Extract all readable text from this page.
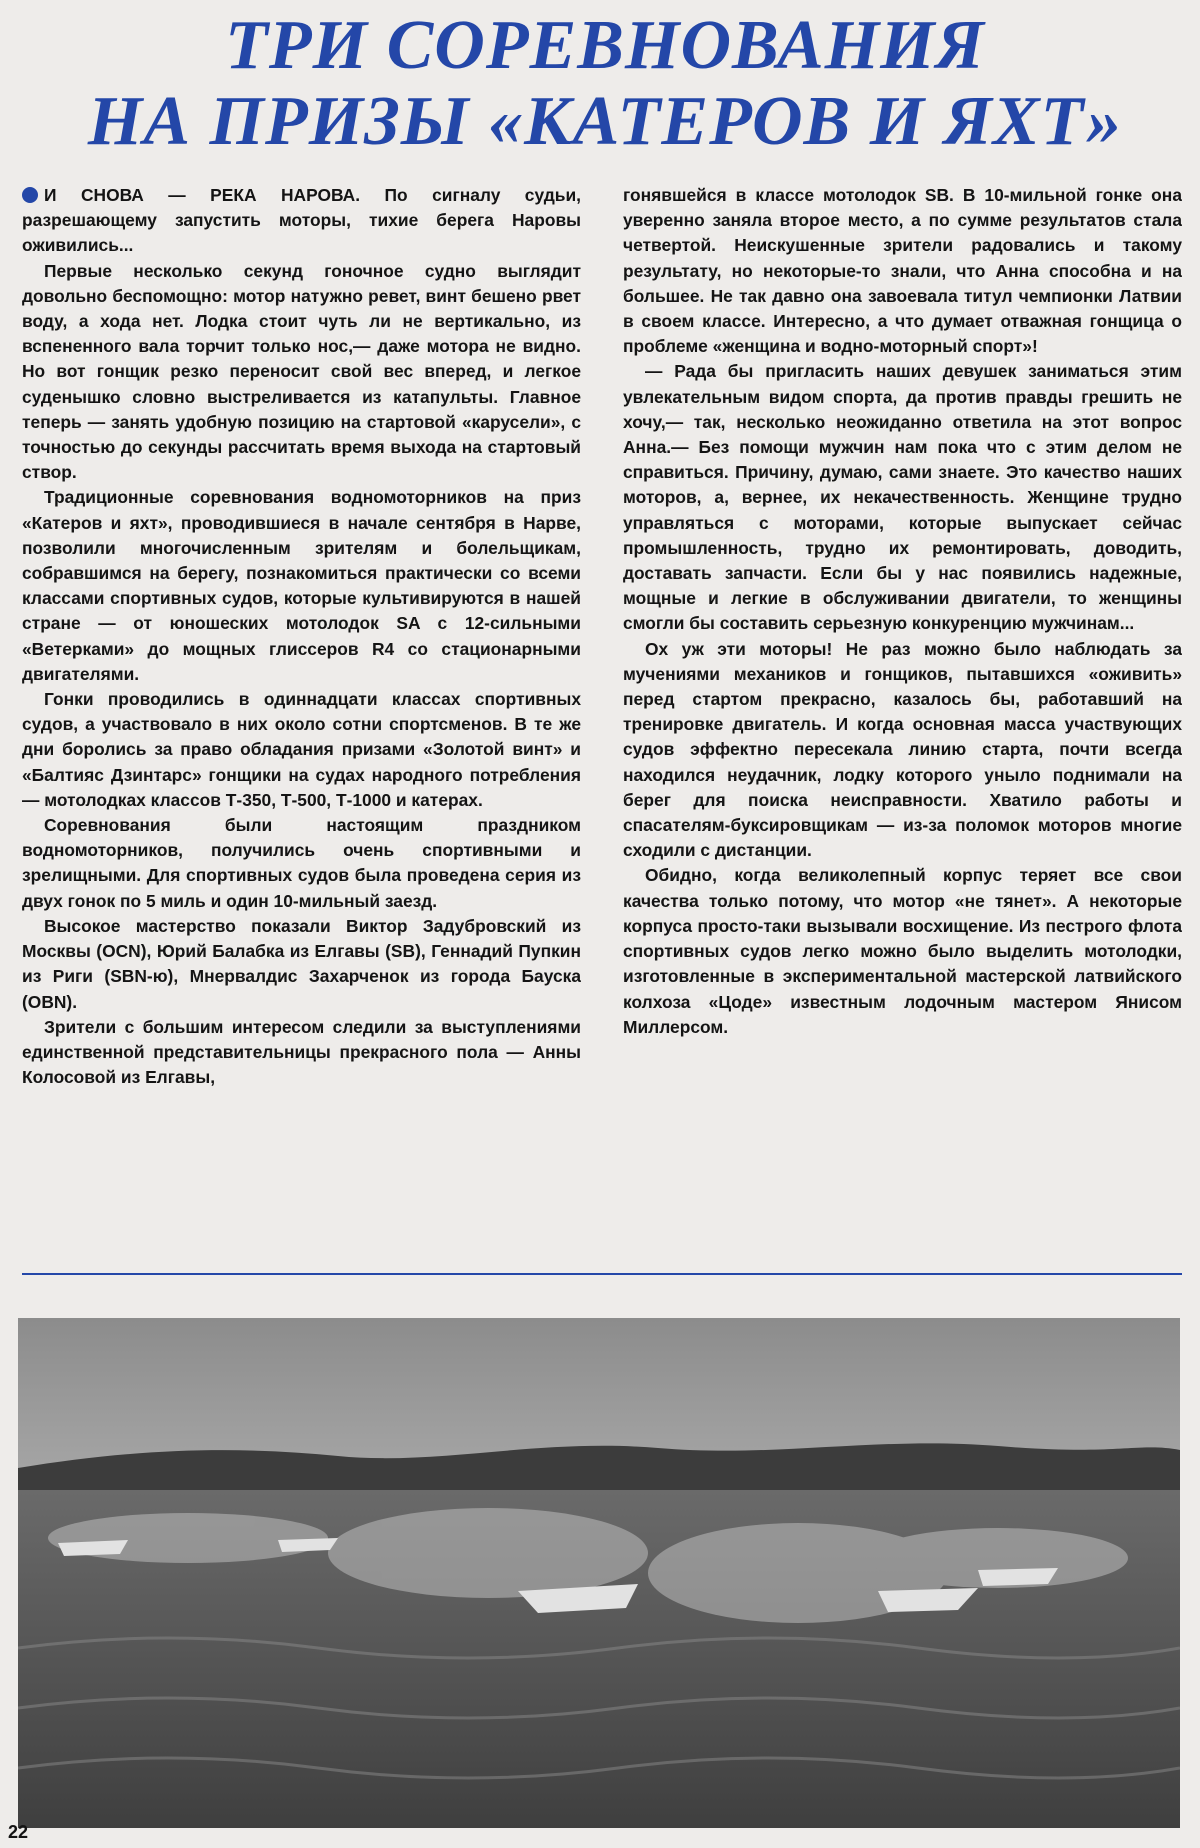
ТРИ СОРЕВНОВАНИЯ
НА ПРИЗЫ «КАТЕРОВ И ЯХТ»

И СНОВА — РЕКА НАРОВА. По сигналу судьи, разрешающему запустить моторы, тихие берега Наровы оживились...

Первые несколько секунд гоночное судно выглядит довольно беспомощно: мотор натужно ревет, винт бешено рвет воду, а хода нет. Лодка стоит чуть ли не вертикально, из вспененного вала торчит только нос,— даже мотора не видно. Но вот гонщик резко переносит свой вес вперед, и легкое суденышко словно выстреливается из катапульты. Главное теперь — занять удобную позицию на стартовой «карусели», с точностью до секунды рассчитать время выхода на стартовый створ.

Традиционные соревнования водномоторников на приз «Катеров и яхт», проводившиеся в начале сентября в Нарве, позволили многочисленным зрителям и болельщикам, собравшимся на берегу, познакомиться практически со всеми классами спортивных судов, которые культивируются в нашей стране — от юношеских мотолодок SA с 12-сильными «Ветерками» до мощных глиссеров R4 со стационарными двигателями.

Гонки проводились в одиннадцати классах спортивных судов, а участвовало в них около сотни спортсменов. В те же дни боролись за право обладания призами «Золотой винт» и «Балтияс Дзинтарс» гонщики на судах народного потребления — мотолодках классов Т-350, Т-500, Т-1000 и катерах.

Соревнования были настоящим праздником водномоторников, получились очень спортивными и зрелищными. Для спортивных судов была проведена серия из двух гонок по 5 миль и один 10-мильный заезд.

Высокое мастерство показали Виктор Задубровский из Москвы (OCN), Юрий Балабка из Елгавы (SB), Геннадий Пупкин из Риги (SBN-ю), Мнервалдис Захарченок из города Бауска (OBN).

Зрители с большим интересом следили за выступлениями единственной представительницы прекрасного пола — Анны Колосовой из Елгавы,

гонявшейся в классе мотолодок SB. В 10-мильной гонке она уверенно заняла второе место, а по сумме результатов стала четвертой. Неискушенные зрители радовались и такому результату, но некоторые-то знали, что Анна способна и на большее. Не так давно она завоевала титул чемпионки Латвии в своем классе. Интересно, а что думает отважная гонщица о проблеме «женщина и водно-моторный спорт»!

— Рада бы пригласить наших девушек заниматься этим увлекательным видом спорта, да против правды грешить не хочу,— так, несколько неожиданно ответила на этот вопрос Анна.— Без помощи мужчин нам пока что с этим делом не справиться. Причину, думаю, сами знаете. Это качество наших моторов, а, вернее, их некачественность. Женщине трудно управляться с моторами, которые выпускает сейчас промышленность, трудно их ремонтировать, доводить, доставать запчасти. Если бы у нас появились надежные, мощные и легкие в обслуживании двигатели, то женщины смогли бы составить серьезную конкуренцию мужчинам...

Ох уж эти моторы! Не раз можно было наблюдать за мучениями механиков и гонщиков, пытавшихся «оживить» перед стартом прекрасно, казалось бы, работавший на тренировке двигатель. И когда основная масса участвующих судов эффектно пересекала линию старта, почти всегда находился неудачник, лодку которого уныло поднимали на берег для поиска неисправности. Хватило работы и спасателям-буксировщикам — из-за поломок моторов многие сходили с дистанции.

Обидно, когда великолепный корпус теряет все свои качества только потому, что мотор «не тянет». А некоторые корпуса просто-таки вызывали восхищение. Из пестрого флота спортивных судов легко можно было выделить мотолодки, изготовленные в экспериментальной мастерской латвийского колхоза «Цоде» известным лодочным мастером Янисом Миллерсом.

22
